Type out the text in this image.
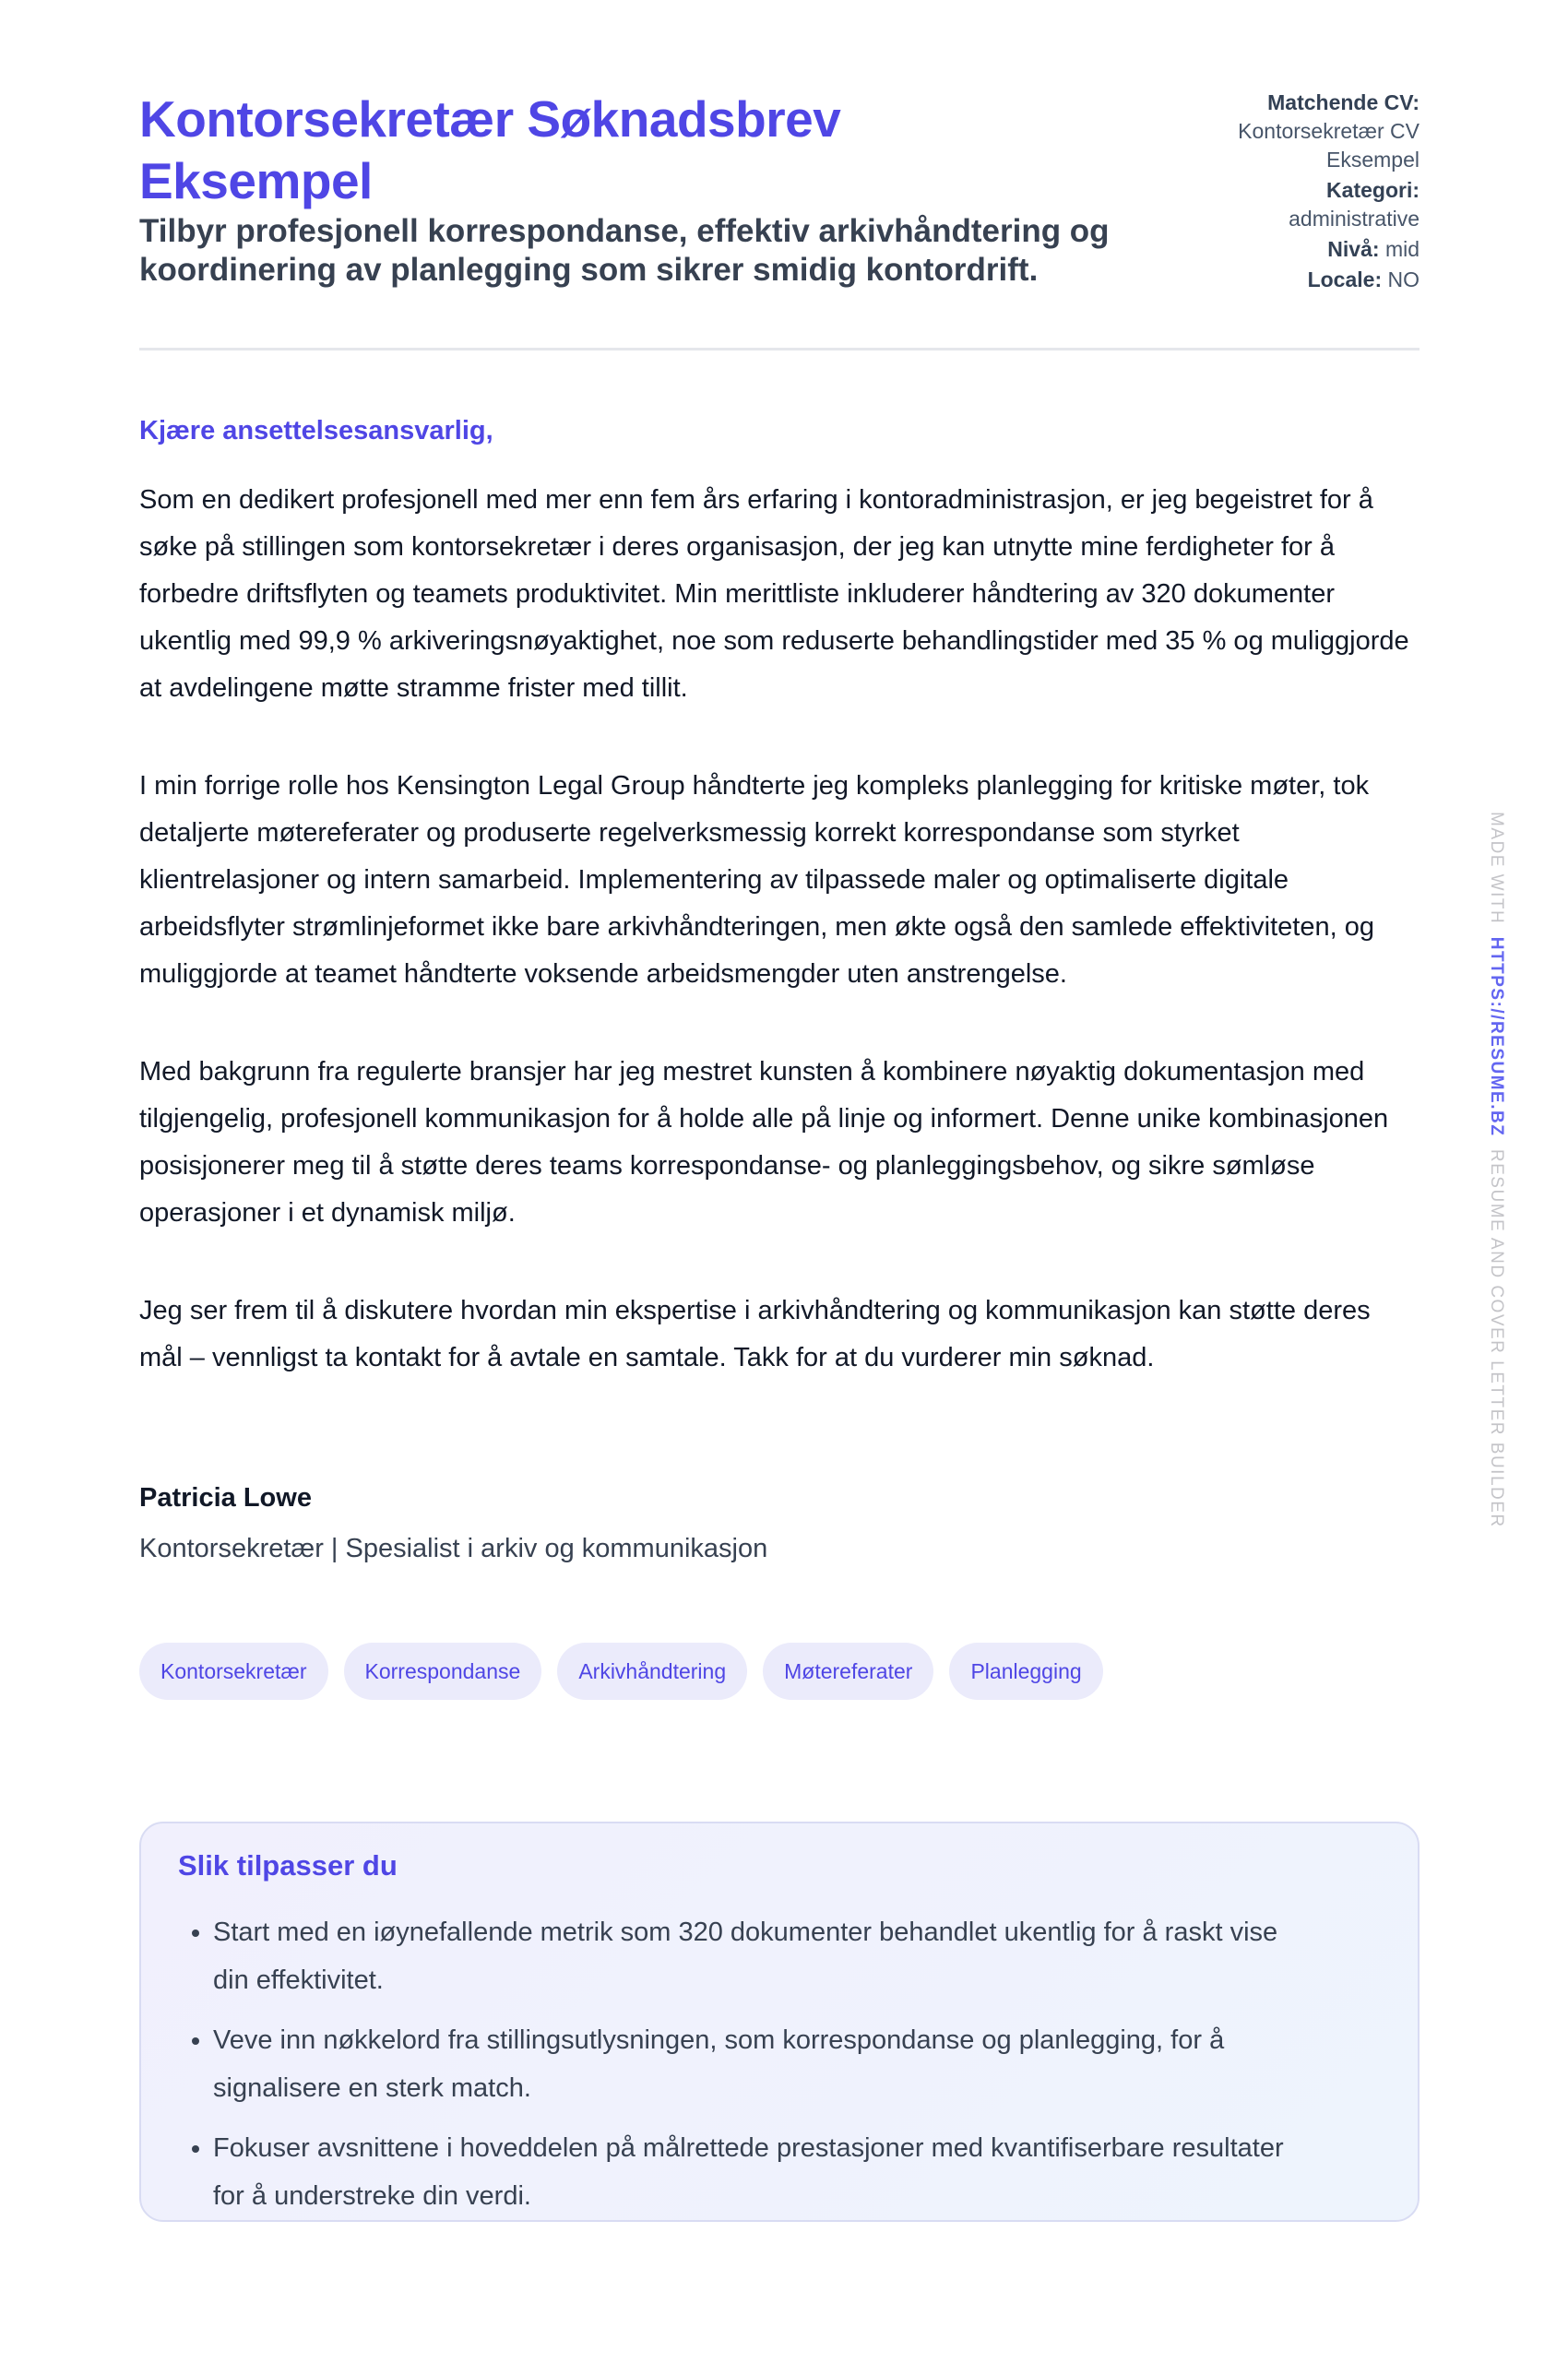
Kontorsekretær Søknadsbrev Eksempel

Tilbyr profesjonell korrespondanse, effektiv arkivhåndtering og koordinering av planlegging som sikrer smidig kontordrift.

Matchende CV:
Kontorsekretær CV Eksempel
Kategori:
administrative
Nivå: mid
Locale: NO
Kjære ansettelsesansvarlig,

Som en dedikert profesjonell med mer enn fem års erfaring i kontoradministrasjon, er jeg begeistret for å søke på stillingen som kontorsekretær i deres organisasjon, der jeg kan utnytte mine ferdigheter for å forbedre driftsflyten og teamets produktivitet. Min merittliste inkluderer håndtering av 320 dokumenter ukentlig med 99,9 % arkiveringsnøyaktighet, noe som reduserte behandlingstider med 35 % og muliggjorde at avdelingene møtte stramme frister med tillit.

I min forrige rolle hos Kensington Legal Group håndterte jeg kompleks planlegging for kritiske møter, tok detaljerte møtereferater og produserte regelverksmessig korrekt korrespondanse som styrket klientrelasjoner og intern samarbeid. Implementering av tilpassede maler og optimaliserte digitale arbeidsflyter strømlinjeformet ikke bare arkivhåndteringen, men økte også den samlede effektiviteten, og muliggjorde at teamet håndterte voksende arbeidsmengder uten anstrengelse.

Med bakgrunn fra regulerte bransjer har jeg mestret kunsten å kombinere nøyaktig dokumentasjon med tilgjengelig, profesjonell kommunikasjon for å holde alle på linje og informert. Denne unike kombinasjonen posisjonerer meg til å støtte deres teams korrespondanse- og planleggingsbehov, og sikre sømløse operasjoner i et dynamisk miljø.

Jeg ser frem til å diskutere hvordan min ekspertise i arkivhåndtering og kommunikasjon kan støtte deres mål – vennligst ta kontakt for å avtale en samtale. Takk for at du vurderer min søknad.

Patricia Lowe
Kontorsekretær | Spesialist i arkiv og kommunikasjon
Kontorsekretær	Korrespondanse	Arkivhåndtering	Møtereferater	Planlegging
Slik tilpasser du
• Start med en iøynefallende metrik som 320 dokumenter behandlet ukentlig for å raskt vise din effektivitet.
• Veve inn nøkkelord fra stillingsutlysningen, som korrespondanse og planlegging, for å signalisere en sterk match.
• Fokuser avsnittene i hoveddelen på målrettede prestasjoner med kvantifiserbare resultater for å understreke din verdi.
MADE WITH  HTTPS://RESUME.BZ  RESUME AND COVER LETTER BUILDER
